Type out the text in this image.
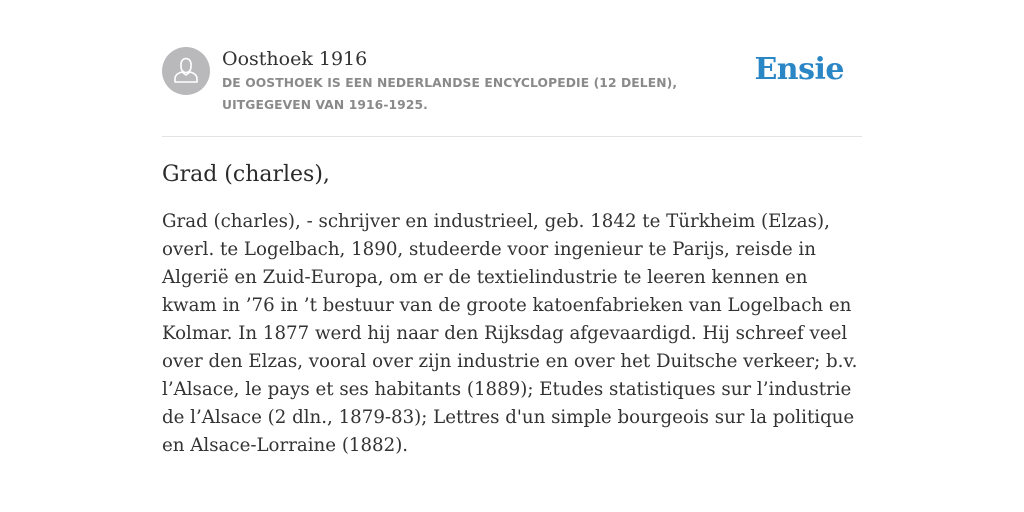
Oosthoek 1916

DE OOSTHOEK IS EEN NEDERLANDSE ENCYCLOPEDIE (12 DELEN), UITGEGEVEN VAN 1916-1925.

Ensie
Grad (charles),

Grad (charles), - schrijver en industrieel, geb. 1842 te Türkheim (Elzas), overl. te Logelbach, 1890, studeerde voor ingenieur te Parijs, reisde in Algerië en Zuid-Europa, om er de textielindustrie te leeren kennen en kwam in ’76 in ’t bestuur van de groote katoenfabrieken van Logelbach en Kolmar. In 1877 werd hij naar den Rijksdag afgevaardigd. Hij schreef veel over den Elzas, vooral over zijn industrie en over het Duitsche verkeer; b.v. l’Alsace, le pays et ses habitants (1889); Etudes statistiques sur l’industrie de l’Alsace (2 dln., 1879-83); Lettres d'un simple bourgeois sur la politique en Alsace-Lorraine (1882).
